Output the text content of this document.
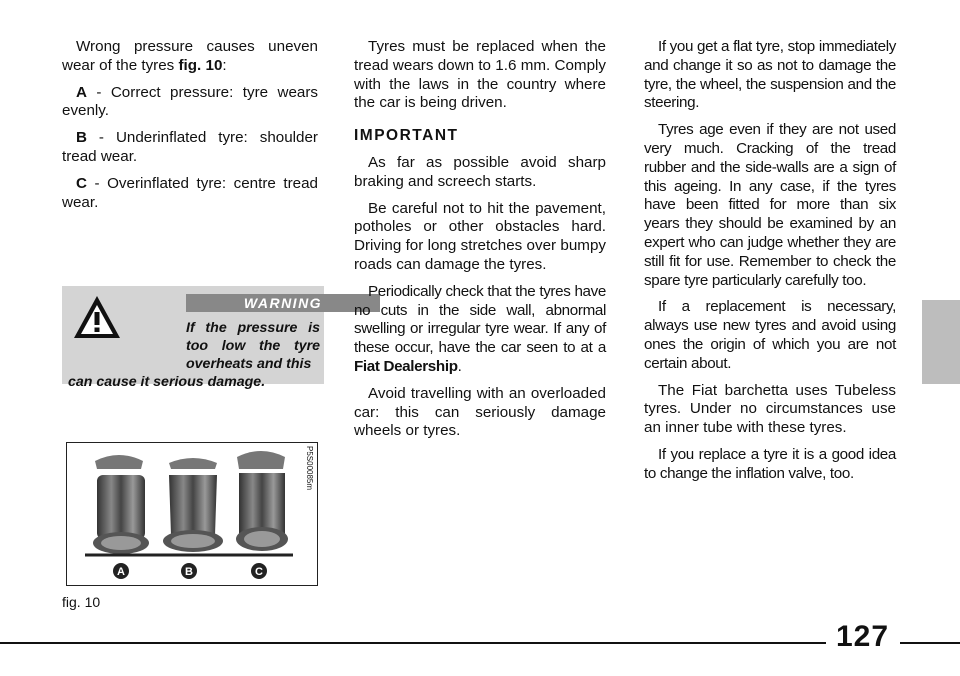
Wrong pressure causes uneven wear of the tyres fig. 10:

A - Correct pressure: tyre wears evenly.

B - Underinflated tyre: shoulder tread wear.

C - Overinflated tyre: centre tread wear.

WARNING
If the pressure is too low the tyre overheats and this
can cause it serious damage.
A	B	C
P5S00085m
fig. 10

Tyres must be replaced when the tread wears down to 1.6 mm. Comply with the laws in the country where the car is being driven.

IMPORTANT

As far as possible avoid sharp braking and screech starts.

Be careful not to hit the pavement, potholes or other obstacles hard. Driving for long stretches over bumpy roads can damage the tyres.

Periodically check that the tyres have no cuts in the side wall, abnormal swelling or irregular tyre wear. If any of these occur, have the car seen to at a Fiat Dealership.

Avoid travelling with an overloaded car: this can seriously damage wheels or tyres.

If you get a flat tyre, stop immediately and change it so as not to damage the tyre, the wheel, the suspension and the steering.

Tyres age even if they are not used very much. Cracking of the tread rubber and the side-walls are a sign of this ageing. In any case, if the tyres have been fitted for more than six years they should be examined by an expert who can judge whether they are still fit for use. Remember to check the spare tyre particularly carefully too.

If a replacement is necessary, always use new tyres and avoid using ones the origin of which you are not certain about.

The Fiat barchetta uses Tubeless tyres. Under no circumstances use an inner tube with these tyres.

If you replace a tyre it is a good idea to change the inflation valve, too.

127
